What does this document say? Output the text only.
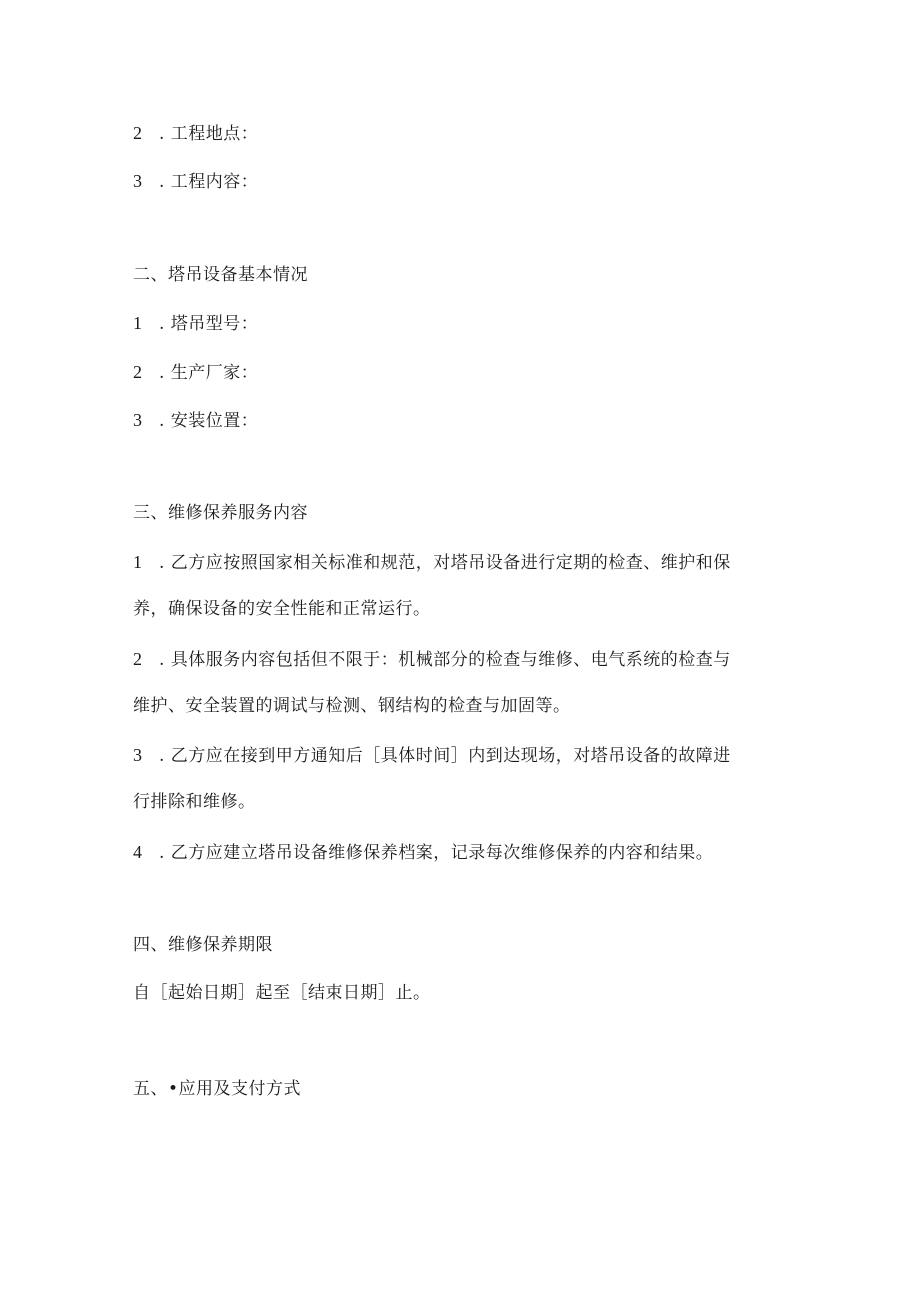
2 . 工程地点：
3 . 工程内容：
二、塔吊设备基本情况
1 . 塔吊型号：
2 . 生产厂家：
3 . 安装位置：
三、维修保养服务内容
1 . 乙方应按照国家相关标准和规范，对塔吊设备进行定期的检查、维护和保
养，确保设备的安全性能和正常运行。
2 . 具体服务内容包括但不限于：机械部分的检查与维修、电气系统的检查与
维护、安全装置的调试与检测、钢结构的检查与加固等。
3 . 乙方应在接到甲方通知后［具体时间］内到达现场，对塔吊设备的故障进
行排除和维修。
4 . 乙方应建立塔吊设备维修保养档案，记录每次维修保养的内容和结果。
四、维修保养期限
自［起始日期］起至［结束日期］止。
五、•应用及支付方式
